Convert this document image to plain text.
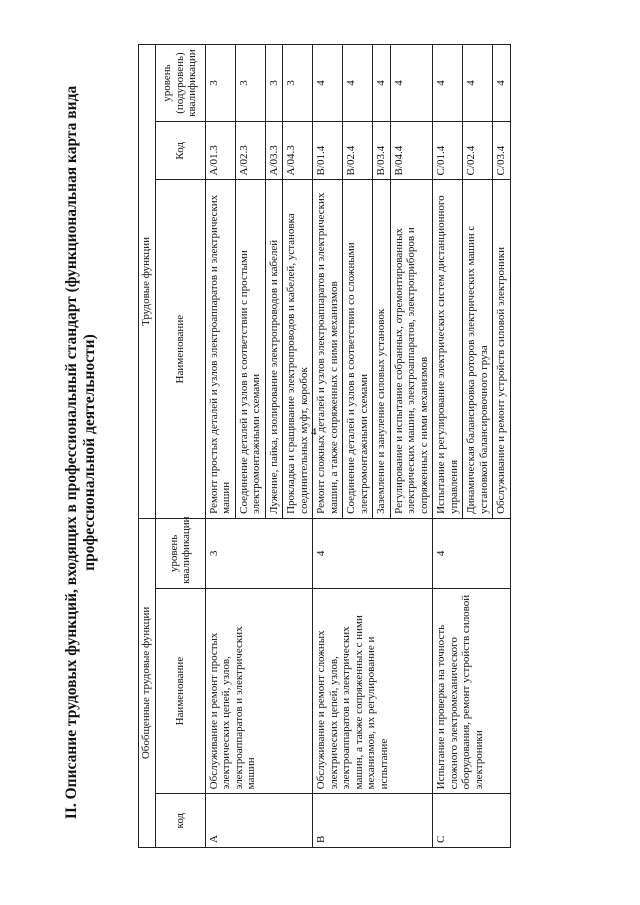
4
II. Описание трудовых функций, входящих в профессиональный стандарт (функциональная карта вида профессиональной деятельности)
Обобщенные трудовые функции			Трудовые функции		
код	Наименование	уровень квалификации	Наименование	Код	уровень (подуровень) квалификации
A	Обслуживание и ремонт простых электрических цепей, узлов, электроаппаратов и электрических машин	3	Ремонт простых деталей и узлов электроаппаратов и электрических машин	A/01.3	3
			Соединение деталей и узлов в соответствии с простыми электромонтажными схемами	A/02.3	3
			Лужение, пайка, изолирование электропроводов и кабелей	A/03.3	3
			Прокладка и сращивание электропроводов и кабелей, установка соединительных муфт, коробок	A/04.3	3
B	Обслуживание и ремонт сложных электрических цепей, узлов, электроаппаратов и электрических машин, а также сопряженных с ними механизмов, их регулирование и испытание	4	Ремонт сложных деталей и узлов электроаппаратов и электрических машин, а также сопряженных с ними механизмов	B/01.4	4
			Соединение деталей и узлов в соответствии со сложными электромонтажными схемами	B/02.4	4
			Заземление и зануление силовых установок	B/03.4	4
			Регулирование и испытание собранных, отремонтированных электрических машин, электроаппаратов, электроприборов и сопряженных с ними механизмов	B/04.4	4
C	Испытание и проверка на точность сложного электромеханического оборудования, ремонт устройств силовой электроники	4	Испытание и регулирование электрических систем дистанционного управления	C/01.4	4
			Динамическая балансировка роторов электрических машин с установкой балансировочного груза	C/02.4	4
			Обслуживание и ремонт устройств силовой электроники	C/03.4	4
